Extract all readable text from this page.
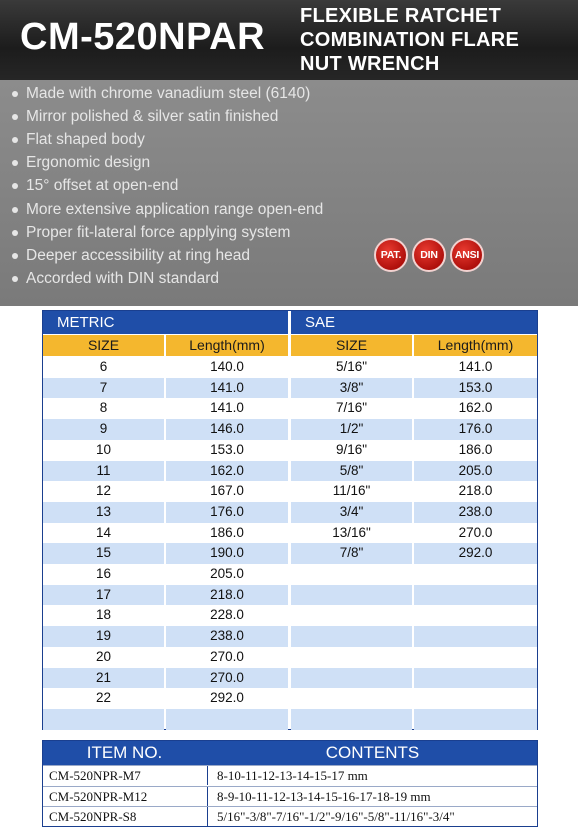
CM-520NPAR FLEXIBLE RATCHET
COMBINATION FLARE
NUT WRENCH
Made with chrome vanadium steel (6140)
Mirror polished & silver satin finished
Flat shaped body
Ergonomic design
15° offset at open-end
More extensive application range open-end
Proper fit-lateral force applying system
Deeper accessibility at ring head
Accorded with DIN standard
PAT.	DIN	ANSI
METRIC	SAE
SIZE	Length(mm)	SIZE	Length(mm)
6	140.0	5/16"	141.0
7	141.0	3/8"	153.0
8	141.0	7/16"	162.0
9	146.0	1/2"	176.0
10	153.0	9/16"	186.0
11	162.0	5/8"	205.0
12	167.0	11/16"	218.0
13	176.0	3/4"	238.0
14	186.0	13/16"	270.0
15	190.0	7/8"	292.0
16	205.0
17	218.0
18	228.0
19	238.0
20	270.0
21	270.0
22	292.0
ITEM NO.	CONTENTS
CM-520NPR-M7	8-10-11-12-13-14-15-17 mm
CM-520NPR-M12	8-9-10-11-12-13-14-15-16-17-18-19 mm
CM-520NPR-S8	5/16"-3/8"-7/16"-1/2"-9/16"-5/8"-11/16"-3/4"
